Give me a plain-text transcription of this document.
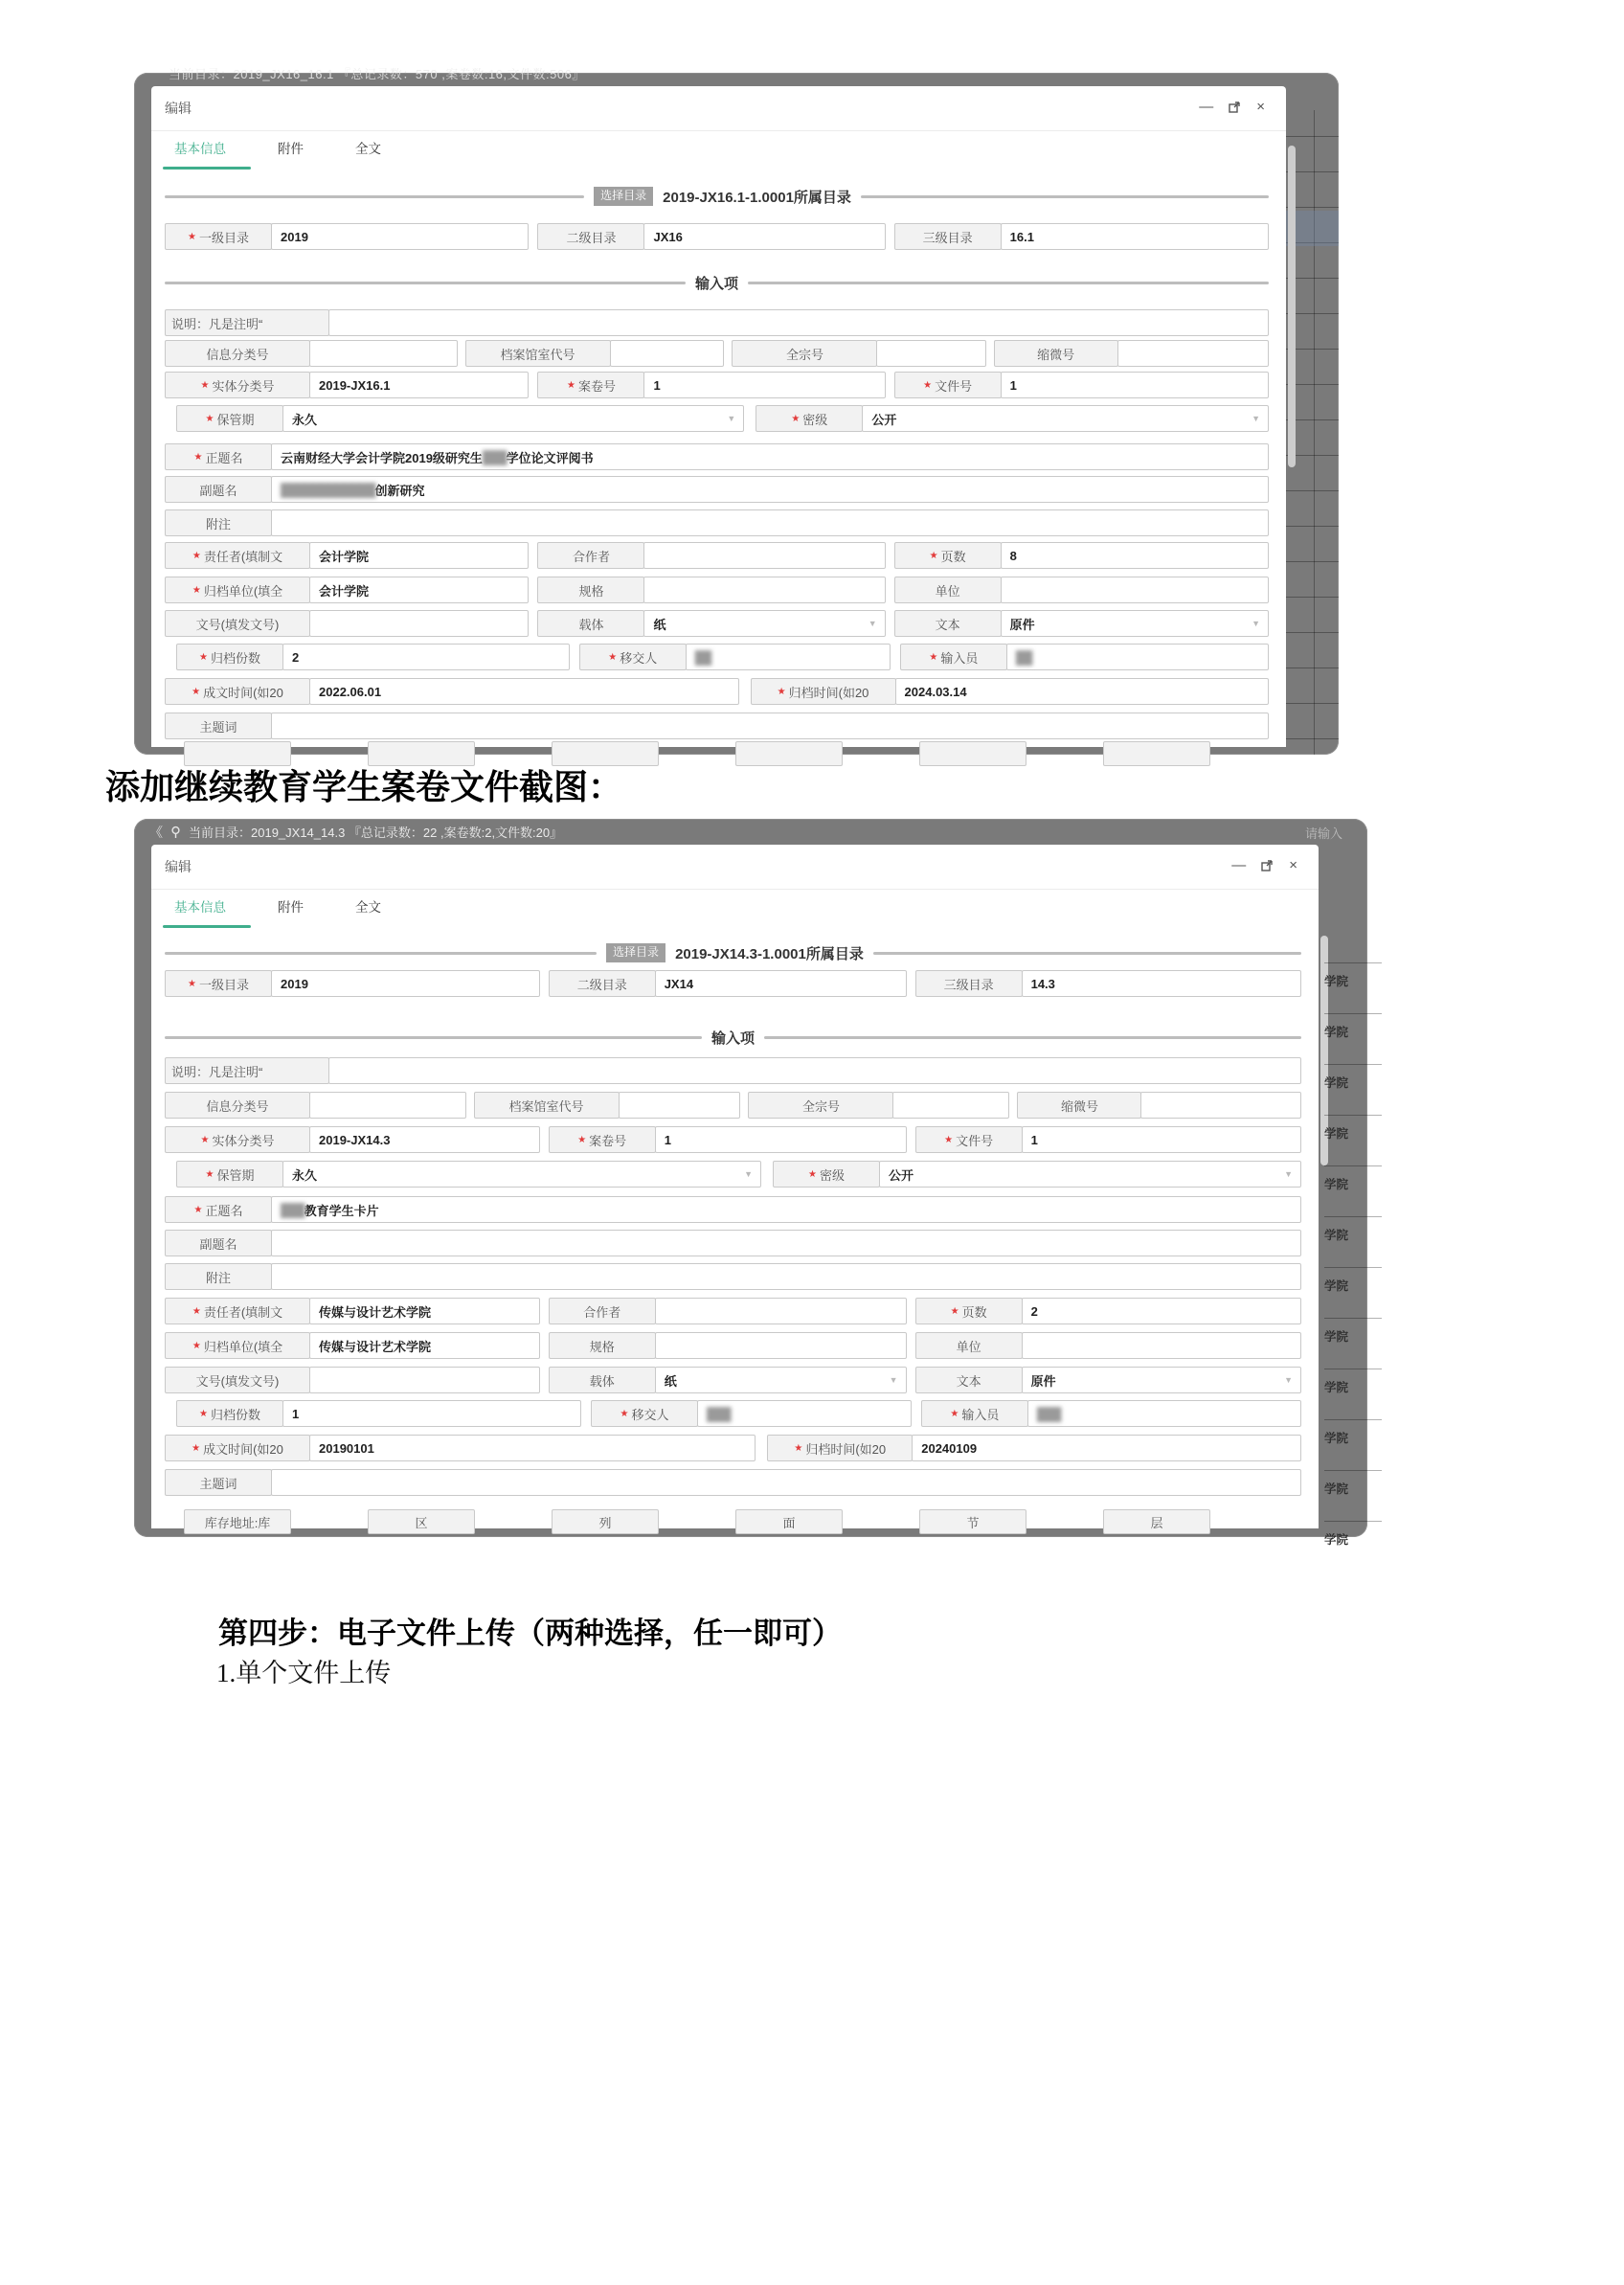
当前目录：2019_JX16_16.1 『总记录数：570 ,案卷数:16,文件数:506』
编辑	—	×
基本信息	附件	全文
选择目录	2019-JX16.1-1.0001所属目录
★ 一级目录	2019	二级目录	JX16	三级目录	16.1
输入项
说明：凡是注明“
信息分类号	档案馆室代号	全宗号	缩微号
★ 实体分类号	2019-JX16.1	★ 案卷号	1	★ 文件号	1
★ 保管期	永久	▼	★ 密级	公开	▼
★ 正题名	云南财经大学会计学院2019级研究生 ███ 学位论文评阅书
副题名	████████████ 创新研究
附注
★ 责任者(填制文	会计学院	合作者	★ 页数	8
★ 归档单位(填全	会计学院	规格	单位
文号(填发文号)	载体	纸	▼	文本	原件	▼
★ 归档份数	2	★ 移交人	██	★ 输入员	██
★ 成文时间(如20	2022.06.01	★ 归档时间(如20	2024.03.14
主题词
添加继续教育学生案卷文件截图：
《 当前目录：2019_JX14_14.3 『总记录数：22 ,案卷数:2,文件数:20』	请输入
学院
学院
学院
学院
学院
学院
学院
学院
学院
学院
学院
学院
编辑	—	×
基本信息	附件	全文
选择目录	2019-JX14.3-1.0001所属目录
★ 一级目录	2019	二级目录	JX14	三级目录	14.3
输入项
说明：凡是注明“
信息分类号	档案馆室代号	全宗号	缩微号
★ 实体分类号	2019-JX14.3	★ 案卷号	1	★ 文件号	1
★ 保管期	永久	▼	★ 密级	公开	▼
★ 正题名	███ 教育学生卡片
副题名
附注
★ 责任者(填制文	传媒与设计艺术学院	合作者	★ 页数	2
★ 归档单位(填全	传媒与设计艺术学院	规格	单位
文号(填发文号)	载体	纸	▼	文本	原件	▼
★ 归档份数	1	★ 移交人	███	★ 输入员	███
★ 成文时间(如20	20190101	★ 归档时间(如20	20240109
主题词
库存地址:库	区	列	面	节	层
第四步：电子文件上传（两种选择，任一即可）
1.单个文件上传
